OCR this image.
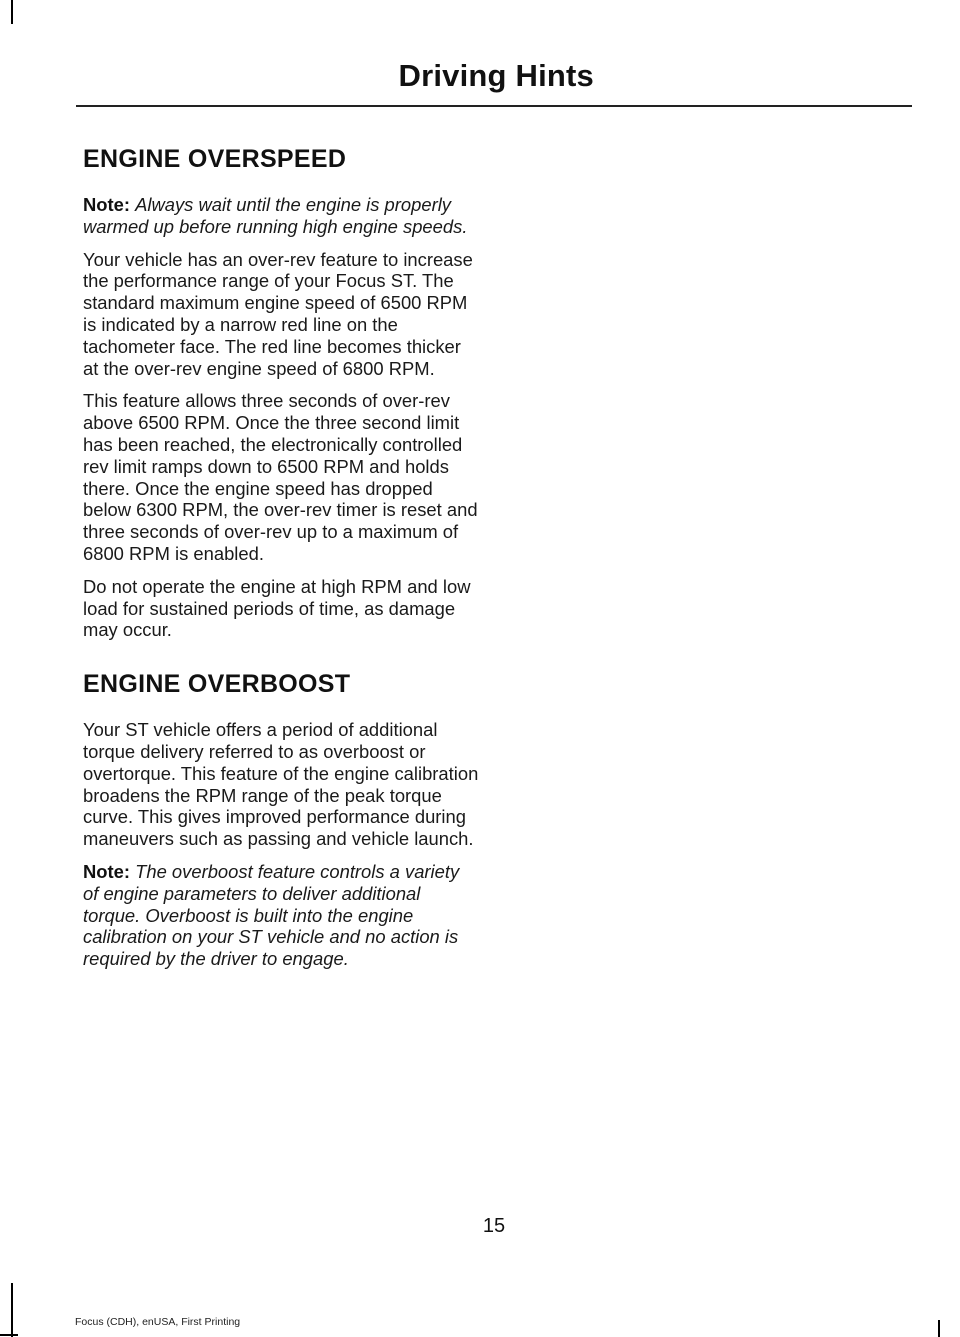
Driving Hints
ENGINE OVERSPEED

Note: Always wait until the engine is properly warmed up before running high engine speeds.

Your vehicle has an over-rev feature to increase the performance range of your Focus ST. The standard maximum engine speed of 6500 RPM is indicated by a narrow red line on the tachometer face. The red line becomes thicker at the over-rev engine speed of 6800 RPM.

This feature allows three seconds of over-rev above 6500 RPM. Once the three second limit has been reached, the electronically controlled rev limit ramps down to 6500 RPM and holds there. Once the engine speed has dropped below 6300 RPM, the over-rev timer is reset and three seconds of over-rev up to a maximum of 6800 RPM is enabled.

Do not operate the engine at high RPM and low load for sustained periods of time, as damage may occur.

ENGINE OVERBOOST

Your ST vehicle offers a period of additional torque delivery referred to as overboost or overtorque. This feature of the engine calibration broadens the RPM range of the peak torque curve. This gives improved performance during maneuvers such as passing and vehicle launch.

Note: The overboost feature controls a variety of engine parameters to deliver additional torque. Overboost is built into the engine calibration on your ST vehicle and no action is required by the driver to engage.

15
Focus (CDH), enUSA, First Printing
